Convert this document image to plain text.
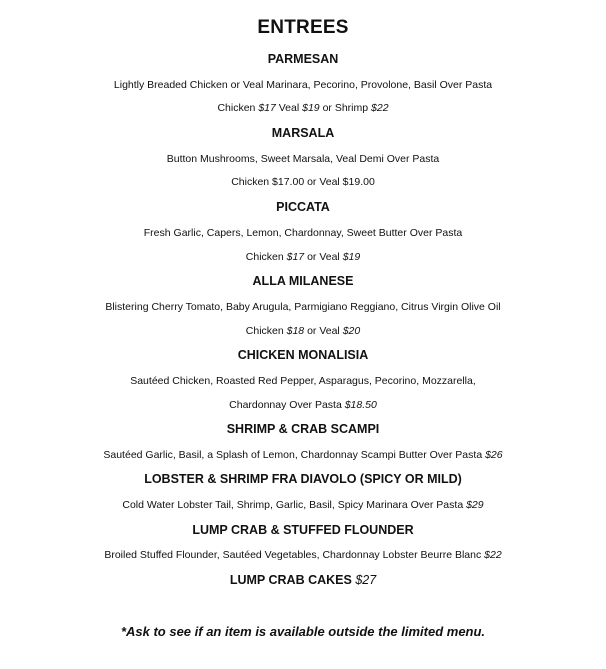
ENTREES
PARMESAN
Lightly Breaded Chicken or Veal Marinara, Pecorino, Provolone, Basil Over Pasta
Chicken $17 Veal $19 or Shrimp $22
MARSALA
Button Mushrooms, Sweet Marsala, Veal Demi Over Pasta
Chicken $17.00 or Veal $19.00
PICCATA
Fresh Garlic, Capers, Lemon, Chardonnay, Sweet Butter Over Pasta
Chicken $17 or Veal $19
ALLA MILANESE
Blistering Cherry Tomato, Baby Arugula, Parmigiano Reggiano, Citrus Virgin Olive Oil
Chicken $18 or Veal $20
CHICKEN MONALISIA
Sautéed Chicken, Roasted Red Pepper, Asparagus, Pecorino, Mozzarella,
Chardonnay Over Pasta $18.50
SHRIMP & CRAB SCAMPI
Sautéed Garlic, Basil, a Splash of Lemon, Chardonnay Scampi Butter Over Pasta $26
LOBSTER & SHRIMP FRA DIAVOLO (SPICY OR MILD)
Cold Water Lobster Tail, Shrimp, Garlic, Basil, Spicy Marinara Over Pasta $29
LUMP CRAB & STUFFED FLOUNDER
Broiled Stuffed Flounder, Sautéed Vegetables, Chardonnay Lobster Beurre Blanc $22
LUMP CRAB CAKES $27
*Ask to see if an item is available outside the limited menu.
